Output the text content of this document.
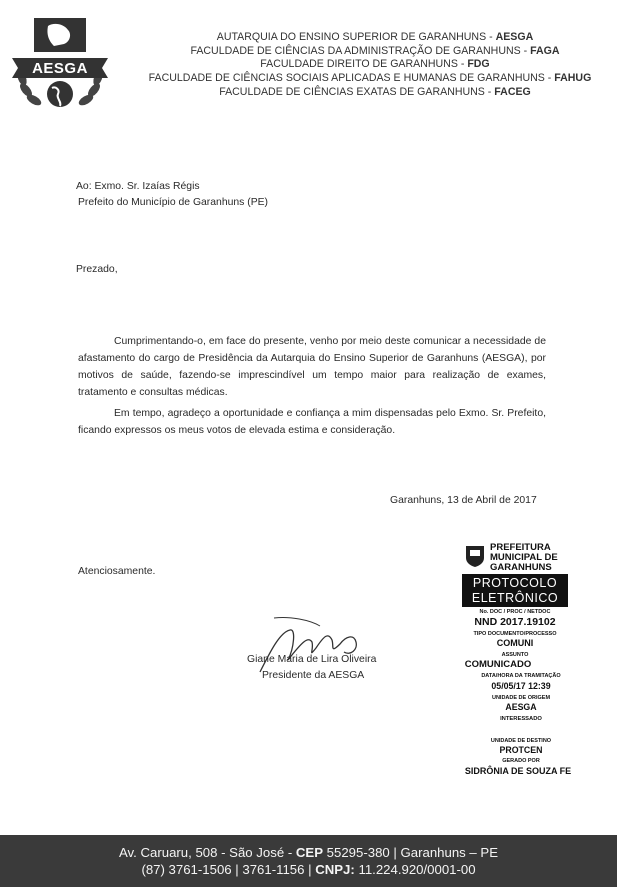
AESGA
AUTARQUIA DO ENSINO SUPERIOR DE GARANHUNS - AESGA
FACULDADE DE CIÊNCIAS DA ADMINISTRAÇÃO DE GARANHUNS - FAGA
FACULDADE DIREITO DE GARANHUNS - FDG
FACULDADE DE CIÊNCIAS SOCIAIS APLICADAS E HUMANAS DE GARANHUNS - FAHUG
FACULDADE DE CIÊNCIAS EXATAS DE GARANHUNS - FACEG
Ao: Exmo. Sr. Izaías Régis
Prefeito do Município de Garanhuns (PE)
Prezado,
Cumprimentando-o, em face do presente, venho por meio deste comunicar a necessidade de afastamento do cargo de Presidência da Autarquia do Ensino Superior de Garanhuns (AESGA), por motivos de saúde, fazendo-se imprescindível um tempo maior para realização de exames, tratamento e consultas médicas.
Em tempo, agradeço a oportunidade e confiança a mim dispensadas pelo Exmo. Sr. Prefeito, ficando expressos os meus votos de elevada estima e consideração.
Garanhuns, 13 de Abril de 2017
Atenciosamente.
Giane Maria de Lira Oliveira
Presidente da AESGA
PREFEITURA
MUNICIPAL DE
GARANHUNS
PROTOCOLO
ELETRÔNICO
No. DOC / PROC / NETDOC
NND 2017.19102
TIPO DOCUMENTO/PROCESSO
COMUNI
ASSUNTO
COMUNICADO
DATA/HORA DA TRAMITAÇÃO
05/05/17 12:39
UNIDADE DE ORIGEM
AESGA
INTERESSADO
UNIDADE DE DESTINO
PROTCEN
GERADO POR
SIDRÔNIA DE SOUZA FE
Av. Caruaru, 508 - São José - CEP 55295-380 | Garanhuns – PE
(87) 3761-1506 | 3761-1156 | CNPJ: 11.224.920/0001-00
